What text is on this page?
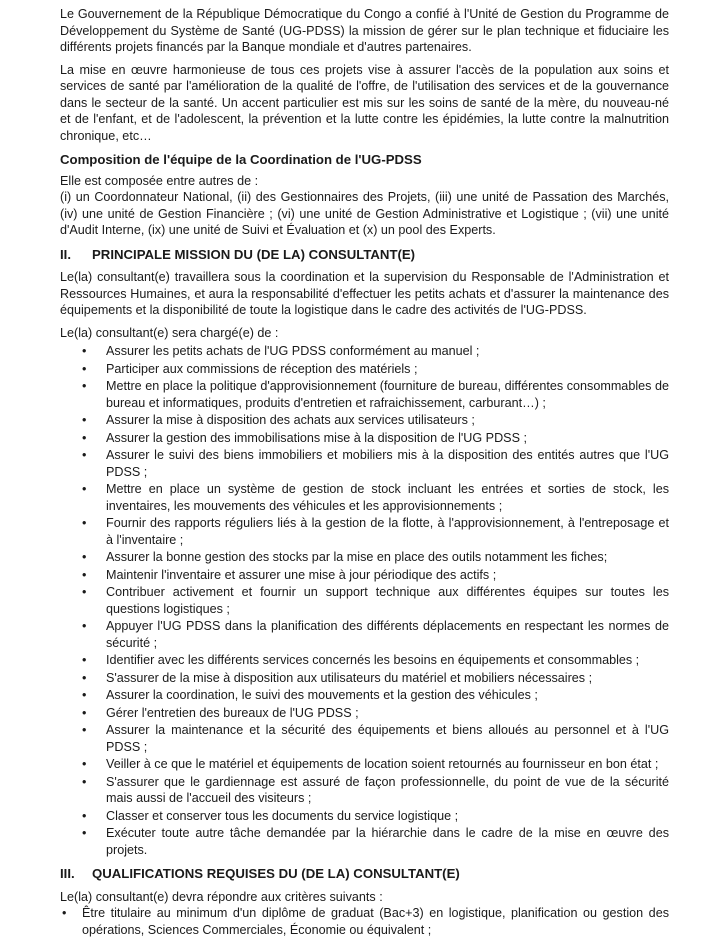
Le Gouvernement de la République Démocratique du Congo a confié à l'Unité de Gestion du Programme de Développement du Système de Santé (UG-PDSS) la mission de gérer sur le plan technique et fiduciaire les différents projets financés par la Banque mondiale et d'autres partenaires.

La mise en œuvre harmonieuse de tous ces projets vise à assurer l'accès de la population aux soins et services de santé par l'amélioration de la qualité de l'offre, de l'utilisation des services et de la gouvernance dans le secteur de la santé. Un accent particulier est mis sur les soins de santé de la mère, du nouveau-né et de l'enfant, et de l'adolescent, la prévention et la lutte contre les épidémies, la lutte contre la malnutrition chronique, etc…

Composition de l'équipe de la Coordination de l'UG-PDSS
Elle est composée entre autres de :

(i) un Coordonnateur National, (ii) des Gestionnaires des Projets, (iii) une unité de Passation des Marchés, (iv) une unité de Gestion Financière ; (vi) une unité de Gestion Administrative et Logistique ; (vii) une unité d'Audit Interne, (ix) une unité de Suivi et Évaluation et (x) un pool des Experts.

II.	PRINCIPALE MISSION DU (DE LA) CONSULTANT(E)

Le(la) consultant(e) travaillera sous la coordination et la supervision du Responsable de l'Administration et Ressources Humaines, et aura la responsabilité d'effectuer les petits achats et d'assurer la maintenance des équipements et la disponibilité de toute la logistique dans le cadre des activités de l'UG-PDSS.

Le(la) consultant(e) sera chargé(e) de :

• Assurer les petits achats de l'UG PDSS conformément au manuel ;
• Participer aux commissions de réception des matériels ;
• Mettre en place la politique d'approvisionnement (fourniture de bureau, différentes consommables de bureau et informatiques, produits d'entretien et rafraichissement, carburant…) ;
• Assurer la mise à disposition des achats aux services utilisateurs ;
• Assurer la gestion des immobilisations mise à la disposition de l'UG PDSS ;
• Assurer le suivi des biens immobiliers et mobiliers mis à la disposition des entités autres que l'UG PDSS ;
• Mettre en place un système de gestion de stock incluant les entrées et sorties de stock, les inventaires, les mouvements des véhicules et les approvisionnements ;
• Fournir des rapports réguliers liés à la gestion de la flotte, à l'approvisionnement, à l'entreposage et à l'inventaire ;
• Assurer la bonne gestion des stocks par la mise en place des outils notamment les fiches;
• Maintenir l'inventaire et assurer une mise à jour périodique des actifs ;
• Contribuer activement et fournir un support technique aux différentes équipes sur toutes les questions logistiques ;
• Appuyer l'UG PDSS dans la planification des différents déplacements en respectant les normes de sécurité ;
• Identifier avec les différents services concernés les besoins en équipements et consommables ;
• S'assurer de la mise à disposition aux utilisateurs du matériel et mobiliers nécessaires ;
• Assurer la coordination, le suivi des mouvements et la gestion des véhicules ;
• Gérer l'entretien des bureaux de l'UG PDSS ;
• Assurer la maintenance et la sécurité des équipements et biens alloués au personnel et à l'UG PDSS ;
• Veiller à ce que le matériel et équipements de location soient retournés au fournisseur en bon état ;
• S'assurer que le gardiennage est assuré de façon professionnelle, du point de vue de la sécurité mais aussi de l'accueil des visiteurs ;
• Classer et conserver tous les documents du service logistique ;
• Exécuter toute autre tâche demandée par la hiérarchie dans le cadre de la mise en œuvre des projets.
III.	QUALIFICATIONS REQUISES DU (DE LA) CONSULTANT(E)
Le(la) consultant(e) devra répondre aux critères suivants :
• Être titulaire au minimum d'un diplôme de graduat (Bac+3) en logistique, planification ou gestion des opérations, Sciences Commerciales, Économie ou équivalent ;
